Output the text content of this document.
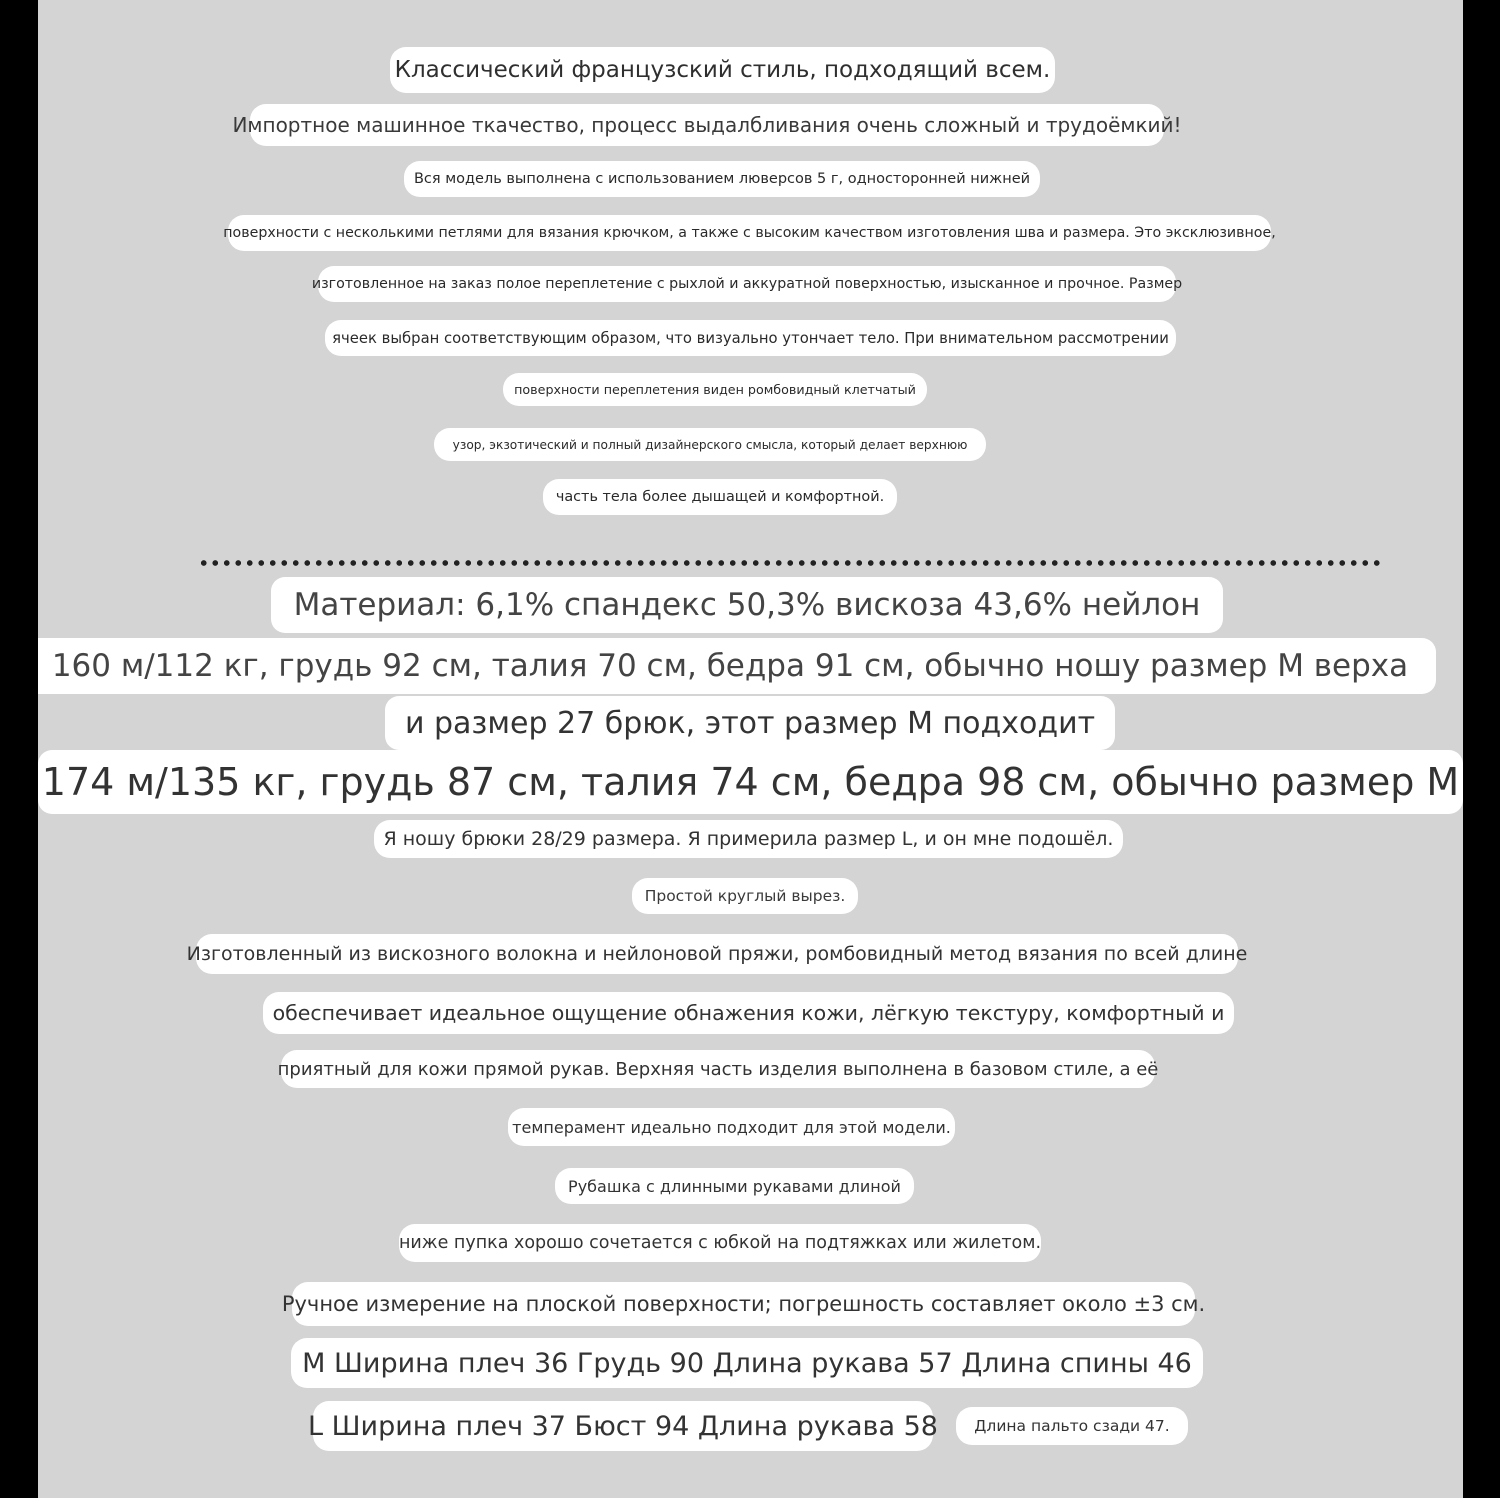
Классический французский стиль, подходящий всем.
Импортное машинное ткачество, процесс выдалбливания очень сложный и трудоёмкий!
Вся модель выполнена с использованием люверсов 5 г, односторонней нижней
поверхности с несколькими петлями для вязания крючком, а также с высоким качеством изготовления шва и размера. Это эксклюзивное,
изготовленное на заказ полое переплетение с рыхлой и аккуратной поверхностью, изысканное и прочное. Размер
ячеек выбран соответствующим образом, что визуально утончает тело. При внимательном рассмотрении
поверхности переплетения виден ромбовидный клетчатый
узор, экзотический и полный дизайнерского смысла, который делает верхнюю
часть тела более дышащей и комфортной.
Материал: 6,1% спандекс 50,3% вискоза 43,6% нейлон
160 м/112 кг, грудь 92 см, талия 70 см, бедра 91 см, обычно ношу размер M верха
и размер 27 брюк, этот размер M подходит
174 м/135 кг, грудь 87 см, талия 74 см, бедра 98 см, обычно размер M
Я ношу брюки 28/29 размера. Я примерила размер L, и он мне подошёл.
Простой круглый вырез.
Изготовленный из вискозного волокна и нейлоновой пряжи, ромбовидный метод вязания по всей длине
обеспечивает идеальное ощущение обнажения кожи, лёгкую текстуру, комфортный и
приятный для кожи прямой рукав. Верхняя часть изделия выполнена в базовом стиле, а её
темперамент идеально подходит для этой модели.
Рубашка с длинными рукавами длиной
ниже пупка хорошо сочетается с юбкой на подтяжках или жилетом.
Ручное измерение на плоской поверхности; погрешность составляет около ±3 см.
M Ширина плеч 36 Грудь 90 Длина рукава 57 Длина спины 46
L Ширина плеч 37 Бюст 94 Длина рукава 58	Длина пальто сзади 47.
